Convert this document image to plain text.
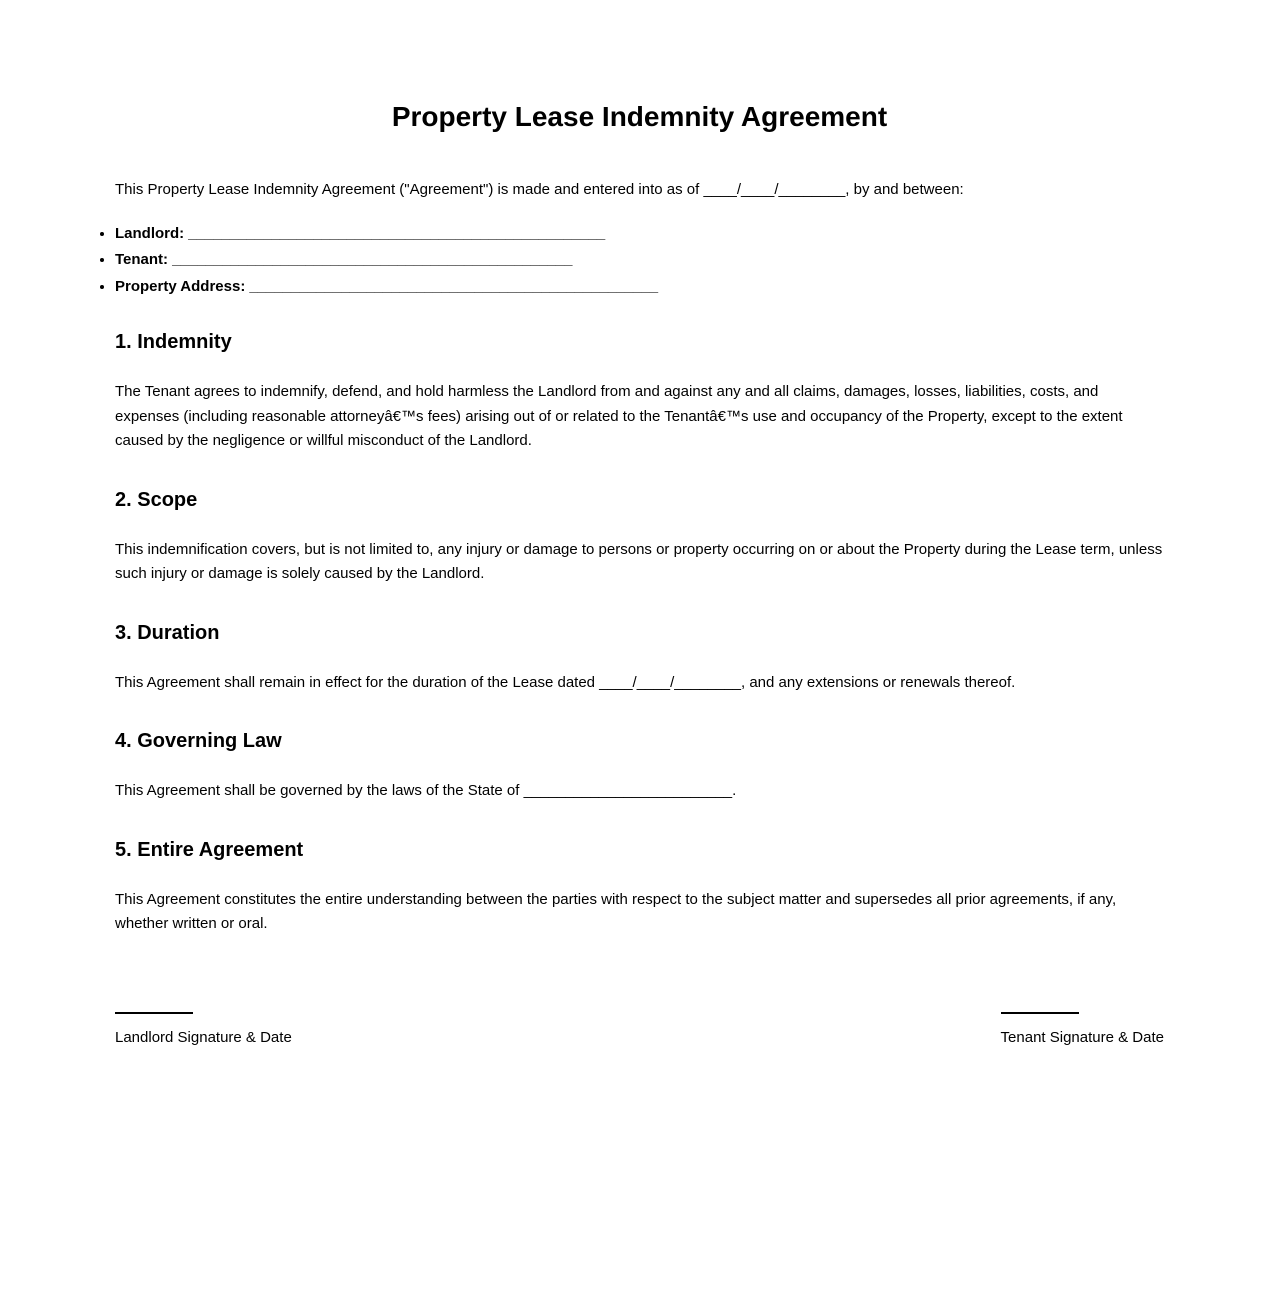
Property Lease Indemnity Agreement

This Property Lease Indemnity Agreement ("Agreement") is made and entered into as of ____/____/________, by and between:

• Landlord: __________________________________________________
• Tenant: ________________________________________________
• Property Address: _________________________________________________
1. Indemnity

The Tenant agrees to indemnify, defend, and hold harmless the Landlord from and against any and all claims, damages, losses, liabilities, costs, and expenses (including reasonable attorneyâ€™s fees) arising out of or related to the Tenantâ€™s use and occupancy of the Property, except to the extent caused by the negligence or willful misconduct of the Landlord.

2. Scope

This indemnification covers, but is not limited to, any injury or damage to persons or property occurring on or about the Property during the Lease term, unless such injury or damage is solely caused by the Landlord.

3. Duration

This Agreement shall remain in effect for the duration of the Lease dated ____/____/________, and any extensions or renewals thereof.

4. Governing Law

This Agreement shall be governed by the laws of the State of _________________________.

5. Entire Agreement

This Agreement constitutes the entire understanding between the parties with respect to the subject matter and supersedes all prior agreements, if any, whether written or oral.

Landlord Signature & Date	Tenant Signature & Date
